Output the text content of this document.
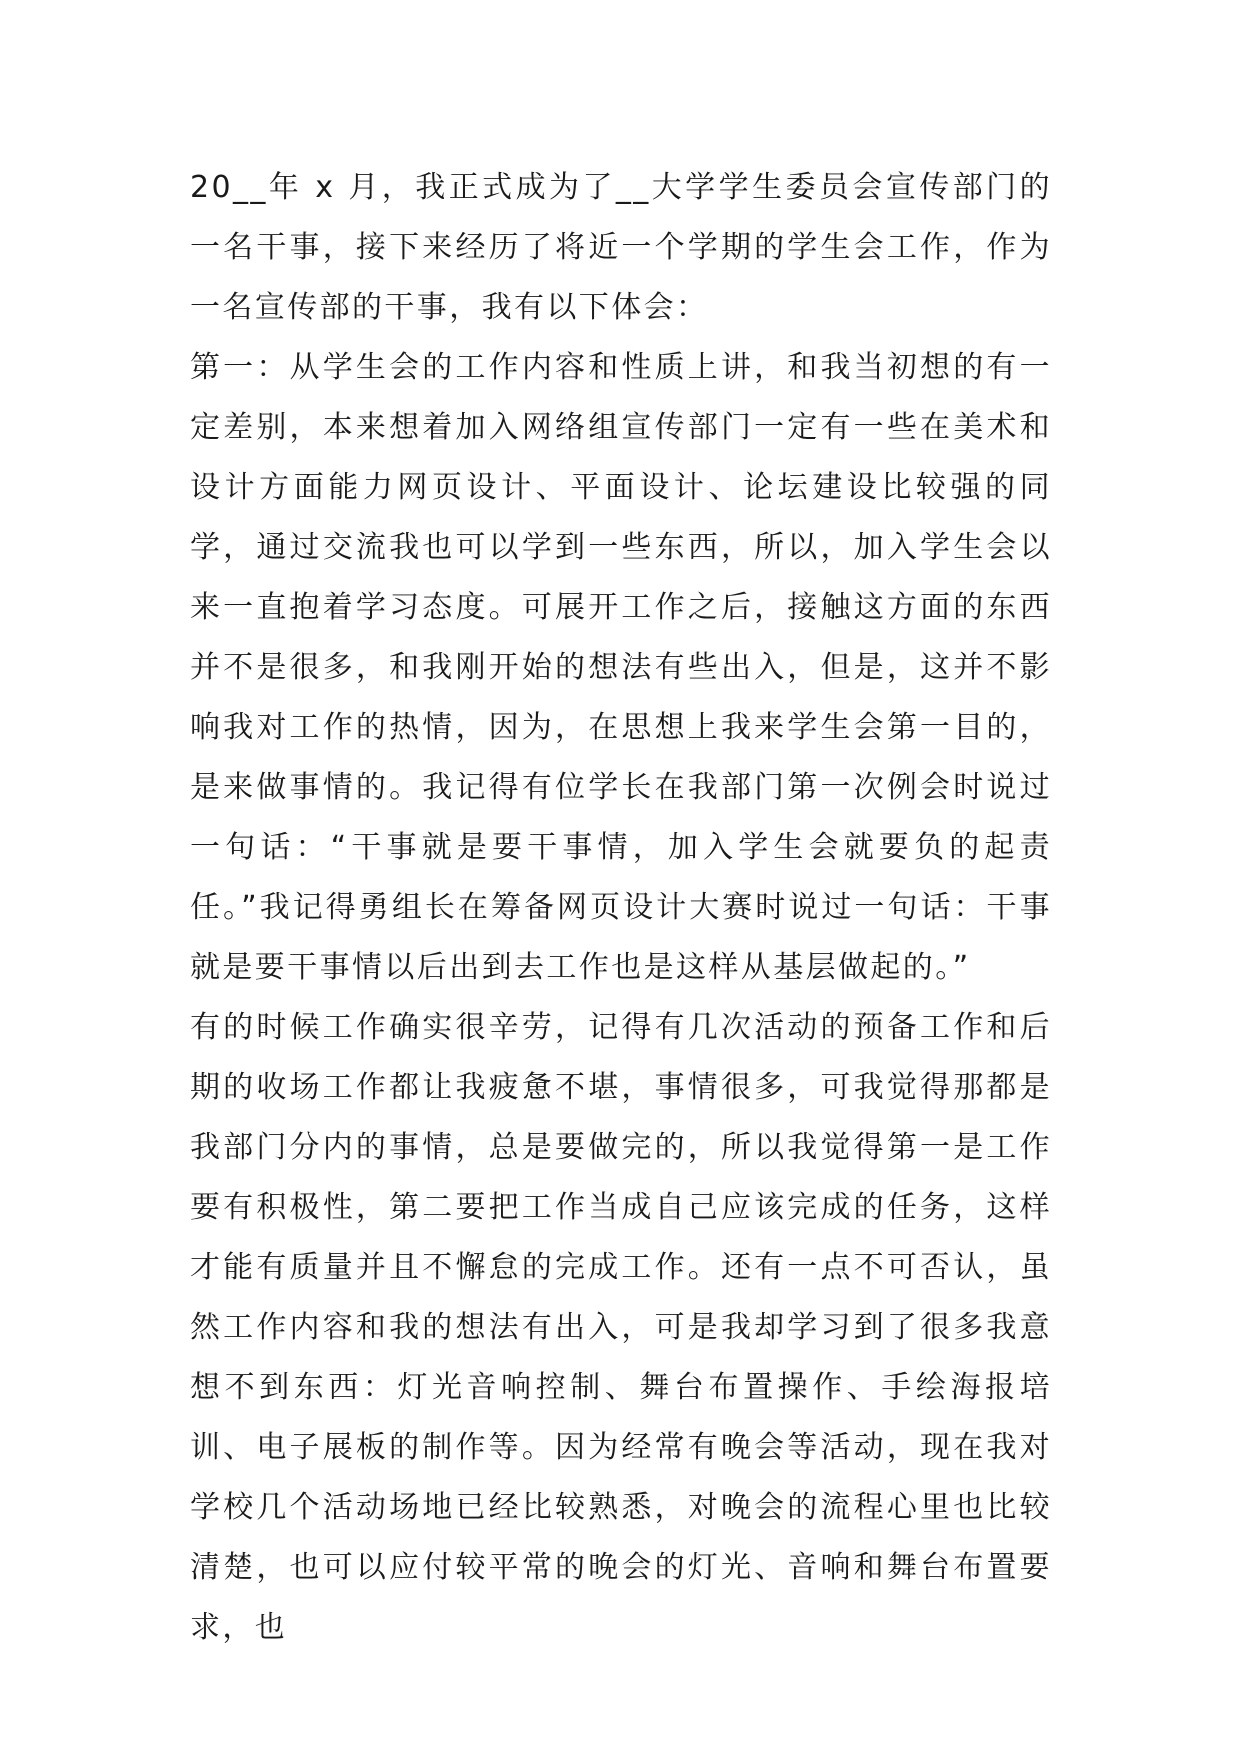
20__年 x 月，我正式成为了__大学学生委员会宣传部门的一名干事，接下来经历了将近一个学期的学生会工作，作为一名宣传部的干事，我有以下体会：

第一：从学生会的工作内容和性质上讲，和我当初想的有一定差别，本来想着加入网络组宣传部门一定有一些在美术和设计方面能力网页设计、平面设计、论坛建设比较强的同学，通过交流我也可以学到一些东西，所以，加入学生会以来一直抱着学习态度。可展开工作之后，接触这方面的东西并不是很多，和我刚开始的想法有些出入，但是，这并不影响我对工作的热情，因为，在思想上我来学生会第一目的，是来做事情的。我记得有位学长在我部门第一次例会时说过一句话：“干事就是要干事情，加入学生会就要负的起责任。”我记得勇组长在筹备网页设计大赛时说过一句话：干事就是要干事情以后出到去工作也是这样从基层做起的。”

有的时候工作确实很辛劳，记得有几次活动的预备工作和后期的收场工作都让我疲惫不堪，事情很多，可我觉得那都是我部门分内的事情，总是要做完的，所以我觉得第一是工作要有积极性，第二要把工作当成自己应该完成的任务，这样才能有质量并且不懈怠的完成工作。还有一点不可否认，虽然工作内容和我的想法有出入，可是我却学习到了很多我意想不到东西：灯光音响控制、舞台布置操作、手绘海报培训、电子展板的制作等。因为经常有晚会等活动，现在我对学校几个活动场地已经比较熟悉，对晚会的流程心里也比较清楚，也可以应付较平常的晚会的灯光、音响和舞台布置要求，也
